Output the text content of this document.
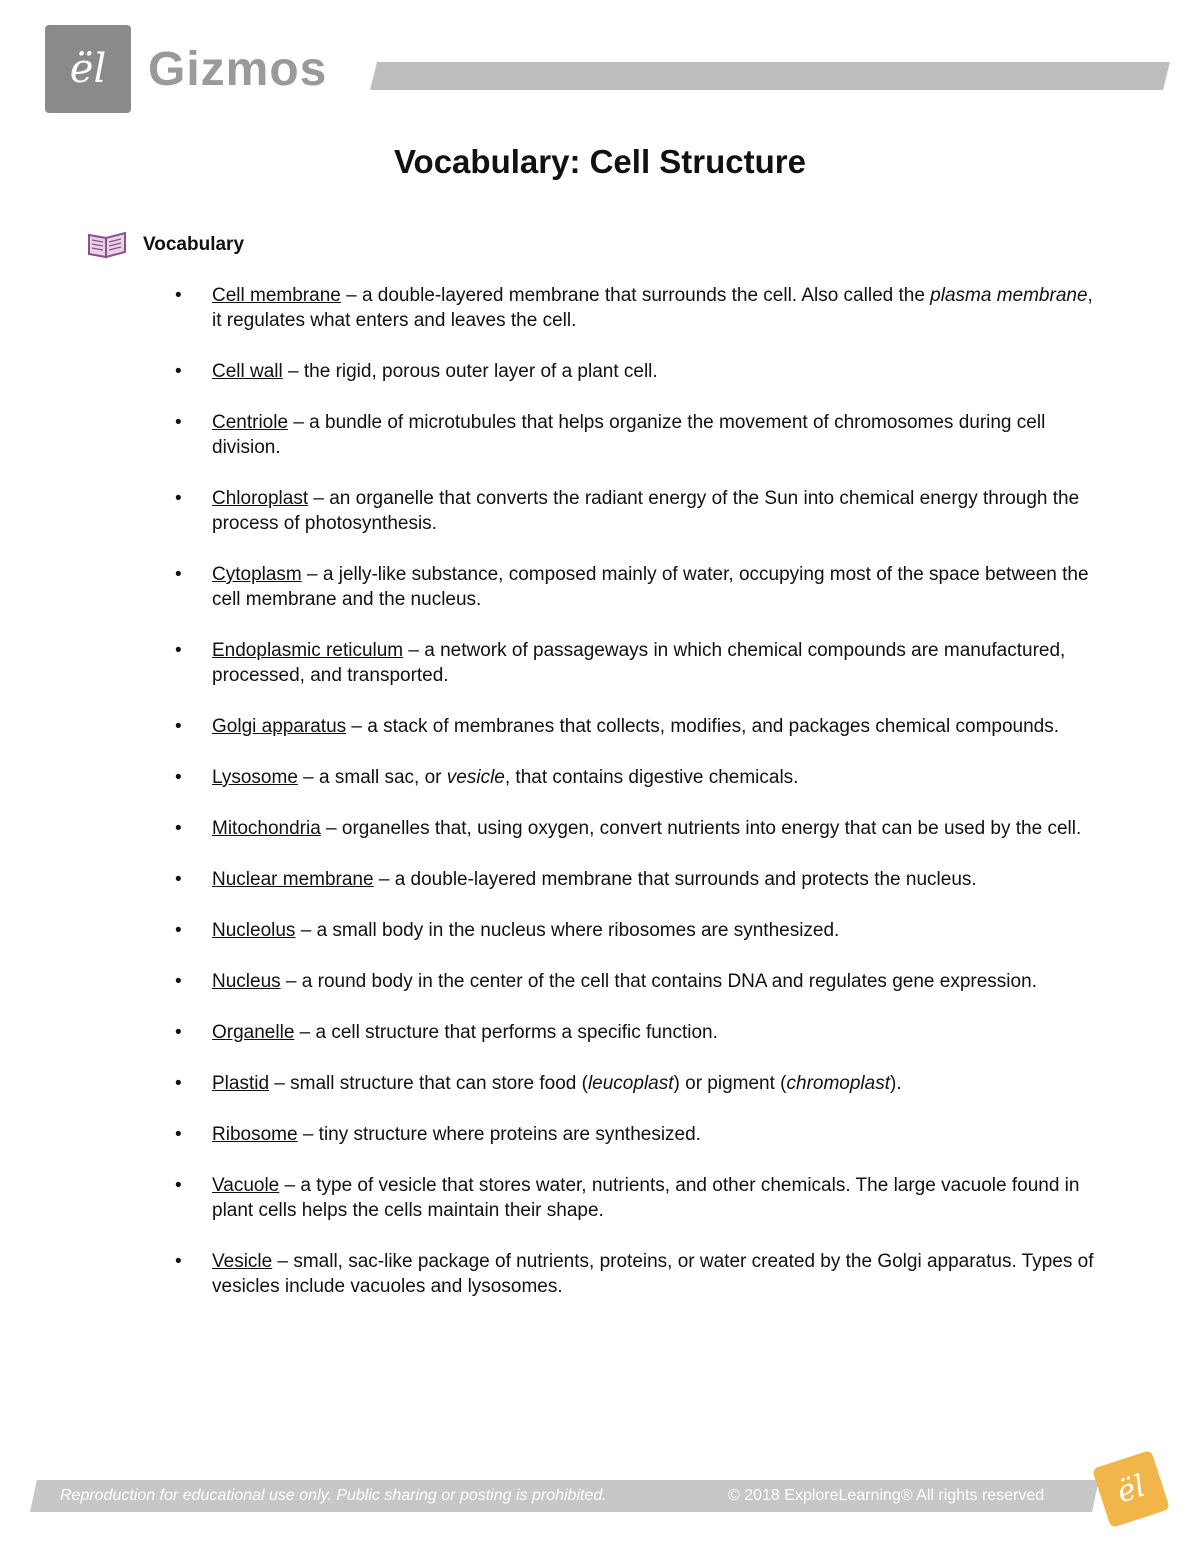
ël Gizmos
Vocabulary: Cell Structure
Vocabulary
• Cell membrane – a double-layered membrane that surrounds the cell. Also called the plasma membrane, it regulates what enters and leaves the cell.
• Cell wall – the rigid, porous outer layer of a plant cell.
• Centriole – a bundle of microtubules that helps organize the movement of chromosomes during cell division.
• Chloroplast – an organelle that converts the radiant energy of the Sun into chemical energy through the process of photosynthesis.
• Cytoplasm – a jelly-like substance, composed mainly of water, occupying most of the space between the cell membrane and the nucleus.
• Endoplasmic reticulum – a network of passageways in which chemical compounds are manufactured, processed, and transported.
• Golgi apparatus – a stack of membranes that collects, modifies, and packages chemical compounds.
• Lysosome – a small sac, or vesicle, that contains digestive chemicals.
• Mitochondria – organelles that, using oxygen, convert nutrients into energy that can be used by the cell.
• Nuclear membrane – a double-layered membrane that surrounds and protects the nucleus.
• Nucleolus – a small body in the nucleus where ribosomes are synthesized.
• Nucleus – a round body in the center of the cell that contains DNA and regulates gene expression.
• Organelle – a cell structure that performs a specific function.
• Plastid – small structure that can store food (leucoplast) or pigment (chromoplast).
• Ribosome – tiny structure where proteins are synthesized.
• Vacuole – a type of vesicle that stores water, nutrients, and other chemicals. The large vacuole found in plant cells helps the cells maintain their shape.
• Vesicle – small, sac-like package of nutrients, proteins, or water created by the Golgi apparatus. Types of vesicles include vacuoles and lysosomes.
Reproduction for educational use only. Public sharing or posting is prohibited.	© 2018 ExploreLearning® All rights reserved	ël
